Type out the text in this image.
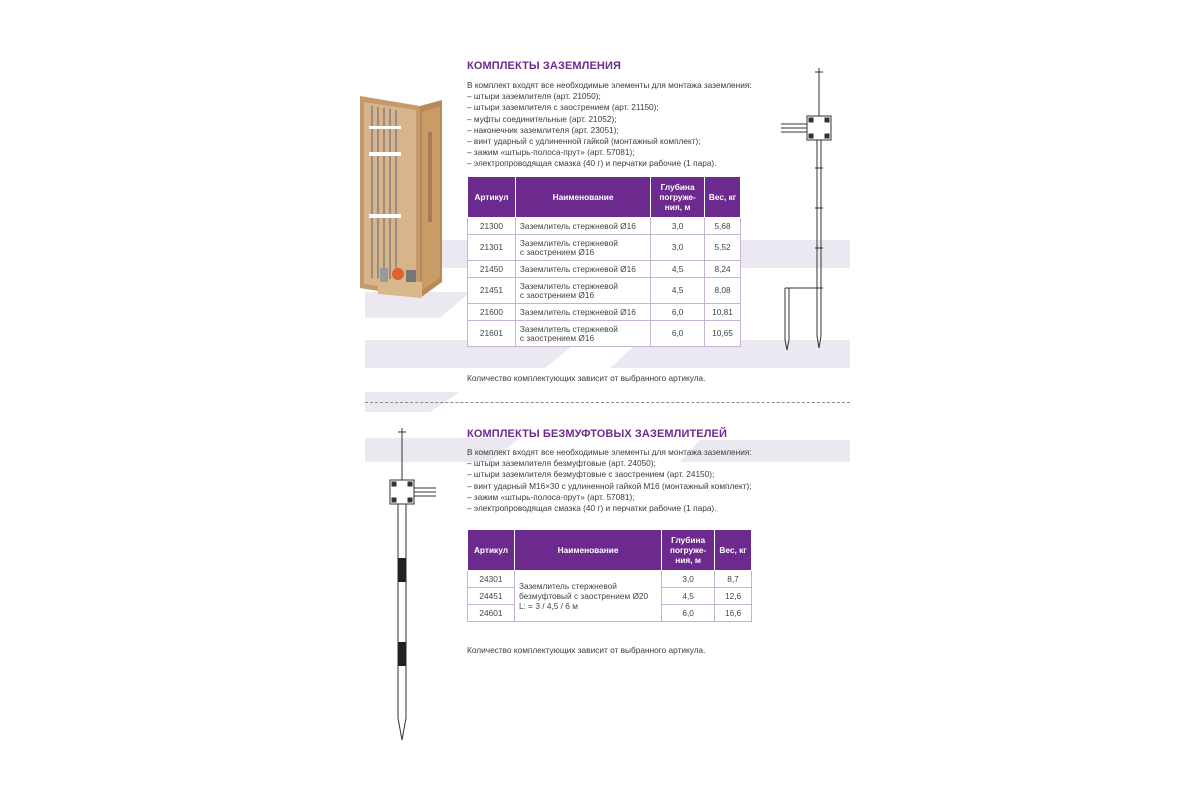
КОМПЛЕКТЫ ЗАЗЕМЛЕНИЯ
В комплект входят все необходимые элементы для монтажа заземления:
– штыри заземлителя (арт. 21050);
– штыри заземлителя с заострением (арт. 21150);
– муфты соединительные (арт. 21052);
– наконечник заземлителя (арт. 23051);
– винт ударный с удлиненной гайкой (монтажный комплект);
– зажим «штырь-полоса-прут» (арт. 57081);
– электропроводящая смазка (40 г) и перчатки рабочие (1 пара).
Артикул	Наименование	Глубина погруже-ния, м	Вес, кг
21300	Заземлитель стержневой Ø16	3,0	5,68
21301	Заземлитель стержневой
с заострением Ø16	3,0	5,52
21450	Заземлитель стержневой Ø16	4,5	8,24
21451	Заземлитель стержневой
с заострением Ø16	4,5	8,08
21600	Заземлитель стержневой Ø16	6,0	10,81
21601	Заземлитель стержневой
с заострением Ø16	6,0	10,65
Количество комплектующих зависит от выбранного артикула.
КОМПЛЕКТЫ БЕЗМУФТОВЫХ ЗАЗЕМЛИТЕЛЕЙ
В комплект входят все необходимые элементы для монтажа заземления:
– штыри заземлителя безмуфтовые (арт. 24050);
– штыри заземлителя безмуфтовые с заострением (арт. 24150);
– винт ударный М16×30 с удлиненной гайкой М16 (монтажный комплект);
– зажим «штырь-полоса-прут» (арт. 57081);
– электропроводящая смазка (40 г) и перчатки рабочие (1 пара).
Артикул	Наименование	Глубина погруже-ния, м	Вес, кг
24301	Заземлитель стержневой
безмуфтовый с заострением Ø20
L: = 3 / 4,5 / 6 м	3,0	8,7
24451		4,5	12,6
24601		6,0	16,6
Количество комплектующих зависит от выбранного артикула.
